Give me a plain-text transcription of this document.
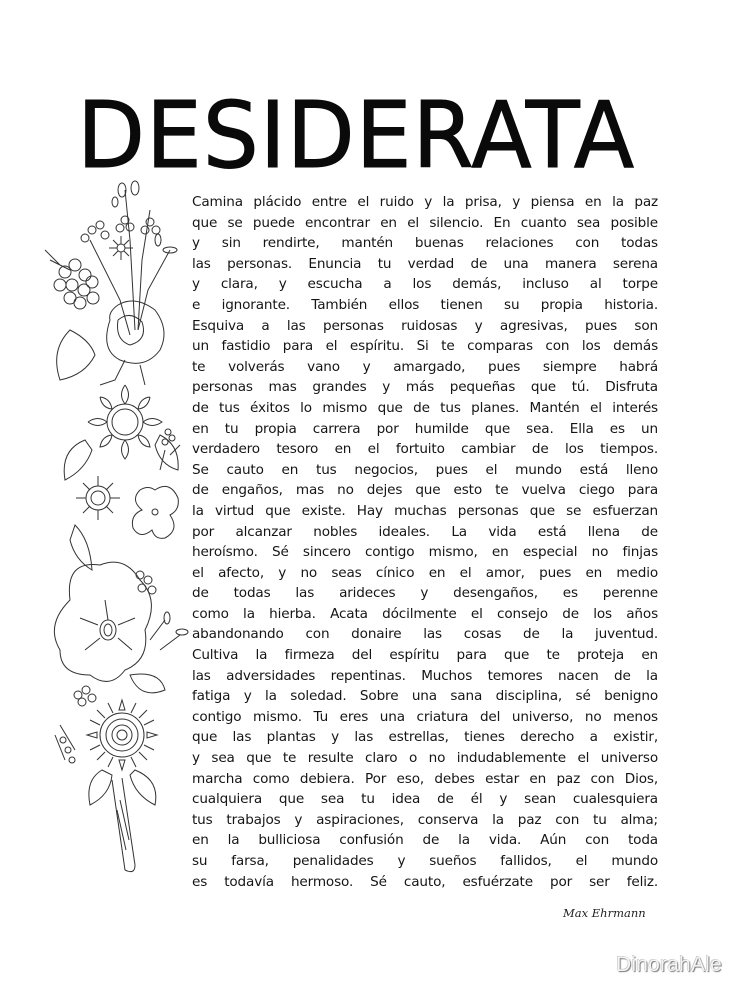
DESIDERATA
Camina plácido entre el ruido y la prisa, y piensa en la paz
que se puede encontrar en el silencio. En cuanto sea posible
y sin rendirte, mantén buenas relaciones con todas
las personas. Enuncia tu verdad de una manera serena
y clara, y escucha a los demás, incluso al torpe
e ignorante. También ellos tienen su propia historia.
Esquiva a las personas ruidosas y agresivas, pues son
un fastidio para el espíritu. Si te comparas con los demás
te volverás vano y amargado, pues siempre habrá
personas mas grandes y más pequeñas que tú. Disfruta
de tus éxitos lo mismo que de tus planes. Mantén el interés
en tu propia carrera por humilde que sea. Ella es un
verdadero tesoro en el fortuito cambiar de los tiempos.
Se cauto en tus negocios, pues el mundo está lleno
de engaños, mas no dejes que esto te vuelva ciego para
la virtud que existe. Hay muchas personas que se esfuerzan
por alcanzar nobles ideales. La vida está llena de
heroísmo. Sé sincero contigo mismo, en especial no finjas
el afecto, y no seas cínico en el amor, pues en medio
de todas las arideces y desengaños, es perenne
como la hierba. Acata dócilmente el consejo de los años
abandonando con donaire las cosas de la juventud.
Cultiva la firmeza del espíritu para que te proteja en
las adversidades repentinas. Muchos temores nacen de la
fatiga y la soledad. Sobre una sana disciplina, sé benigno
contigo mismo. Tu eres una criatura del universo, no menos
que las plantas y las estrellas, tienes derecho a existir,
y sea que te resulte claro o no indudablemente el universo
marcha como debiera. Por eso, debes estar en paz con Dios,
cualquiera que sea tu idea de él y sean cualesquiera
tus trabajos y aspiraciones, conserva la paz con tu alma;
en la bulliciosa confusión de la vida. Aún con toda
su farsa, penalidades y sueños fallidos, el mundo
es todavía hermoso. Sé cauto, esfuérzate por ser feliz.
Max Ehrmann
DinorahAle
